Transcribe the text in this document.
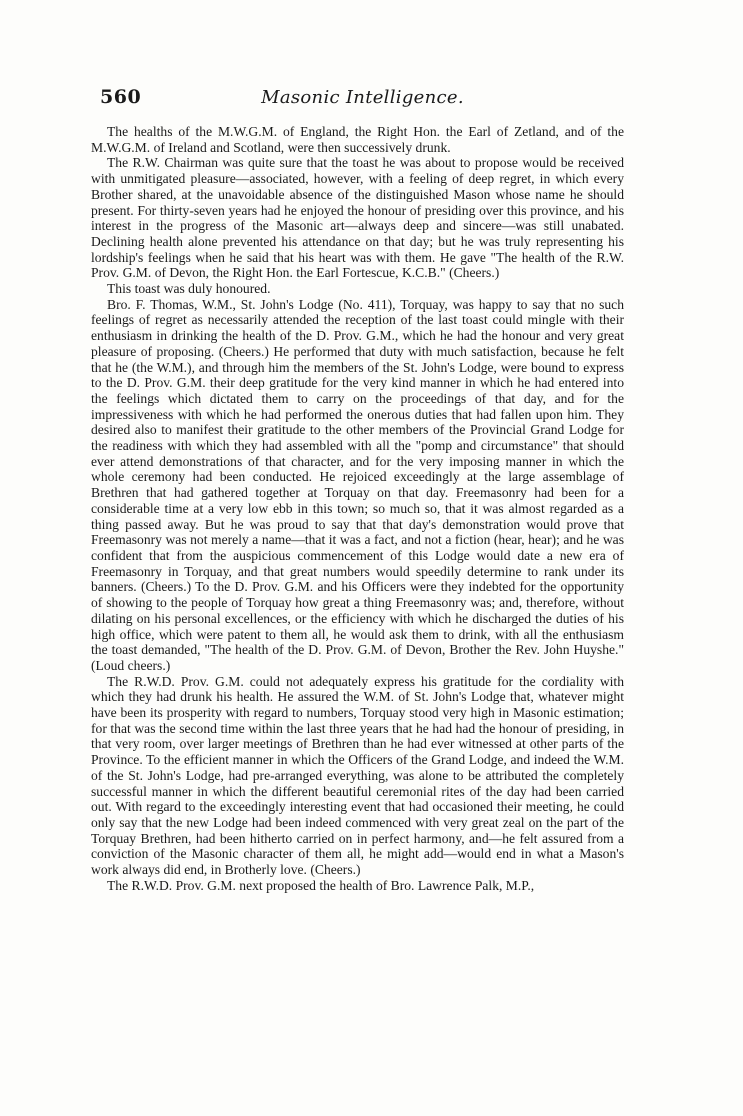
560	Masonic Intelligence.

The healths of the M.W.G.M. of England, the Right Hon. the Earl of Zetland, and of the M.W.G.M. of Ireland and Scotland, were then successively drunk.

The R.W. Chairman was quite sure that the toast he was about to propose would be received with unmitigated pleasure—associated, however, with a feeling of deep regret, in which every Brother shared, at the unavoidable absence of the distinguished Mason whose name he should present. For thirty-seven years had he enjoyed the honour of presiding over this province, and his interest in the progress of the Masonic art—always deep and sincere—was still unabated. Declining health alone prevented his attendance on that day; but he was truly representing his lordship's feelings when he said that his heart was with them. He gave "The health of the R.W. Prov. G.M. of Devon, the Right Hon. the Earl Fortescue, K.C.B." (Cheers.)

This toast was duly honoured.

Bro. F. Thomas, W.M., St. John's Lodge (No. 411), Torquay, was happy to say that no such feelings of regret as necessarily attended the reception of the last toast could mingle with their enthusiasm in drinking the health of the D. Prov. G.M., which he had the honour and very great pleasure of proposing. (Cheers.) He performed that duty with much satisfaction, because he felt that he (the W.M.), and through him the members of the St. John's Lodge, were bound to express to the D. Prov. G.M. their deep gratitude for the very kind manner in which he had entered into the feelings which dictated them to carry on the proceedings of that day, and for the impressiveness with which he had performed the onerous duties that had fallen upon him. They desired also to manifest their gratitude to the other members of the Provincial Grand Lodge for the readiness with which they had assembled with all the "pomp and circumstance" that should ever attend demonstrations of that character, and for the very imposing manner in which the whole ceremony had been conducted. He rejoiced exceedingly at the large assemblage of Brethren that had gathered together at Torquay on that day. Freemasonry had been for a considerable time at a very low ebb in this town; so much so, that it was almost regarded as a thing passed away. But he was proud to say that that day's demonstration would prove that Freemasonry was not merely a name—that it was a fact, and not a fiction (hear, hear); and he was confident that from the auspicious commencement of this Lodge would date a new era of Freemasonry in Torquay, and that great numbers would speedily determine to rank under its banners. (Cheers.) To the D. Prov. G.M. and his Officers were they indebted for the opportunity of showing to the people of Torquay how great a thing Freemasonry was; and, therefore, without dilating on his personal excellences, or the efficiency with which he discharged the duties of his high office, which were patent to them all, he would ask them to drink, with all the enthusiasm the toast demanded, "The health of the D. Prov. G.M. of Devon, Brother the Rev. John Huyshe." (Loud cheers.)

The R.W.D. Prov. G.M. could not adequately express his gratitude for the cordiality with which they had drunk his health. He assured the W.M. of St. John's Lodge that, whatever might have been its prosperity with regard to numbers, Torquay stood very high in Masonic estimation; for that was the second time within the last three years that he had had the honour of presiding, in that very room, over larger meetings of Brethren than he had ever witnessed at other parts of the Province. To the efficient manner in which the Officers of the Grand Lodge, and indeed the W.M. of the St. John's Lodge, had pre-arranged everything, was alone to be attributed the completely successful manner in which the different beautiful ceremonial rites of the day had been carried out. With regard to the exceedingly interesting event that had occasioned their meeting, he could only say that the new Lodge had been indeed commenced with very great zeal on the part of the Torquay Brethren, had been hitherto carried on in perfect harmony, and—he felt assured from a conviction of the Masonic character of them all, he might add—would end in what a Mason's work always did end, in Brotherly love. (Cheers.)

The R.W.D. Prov. G.M. next proposed the health of Bro. Lawrence Palk, M.P.,
